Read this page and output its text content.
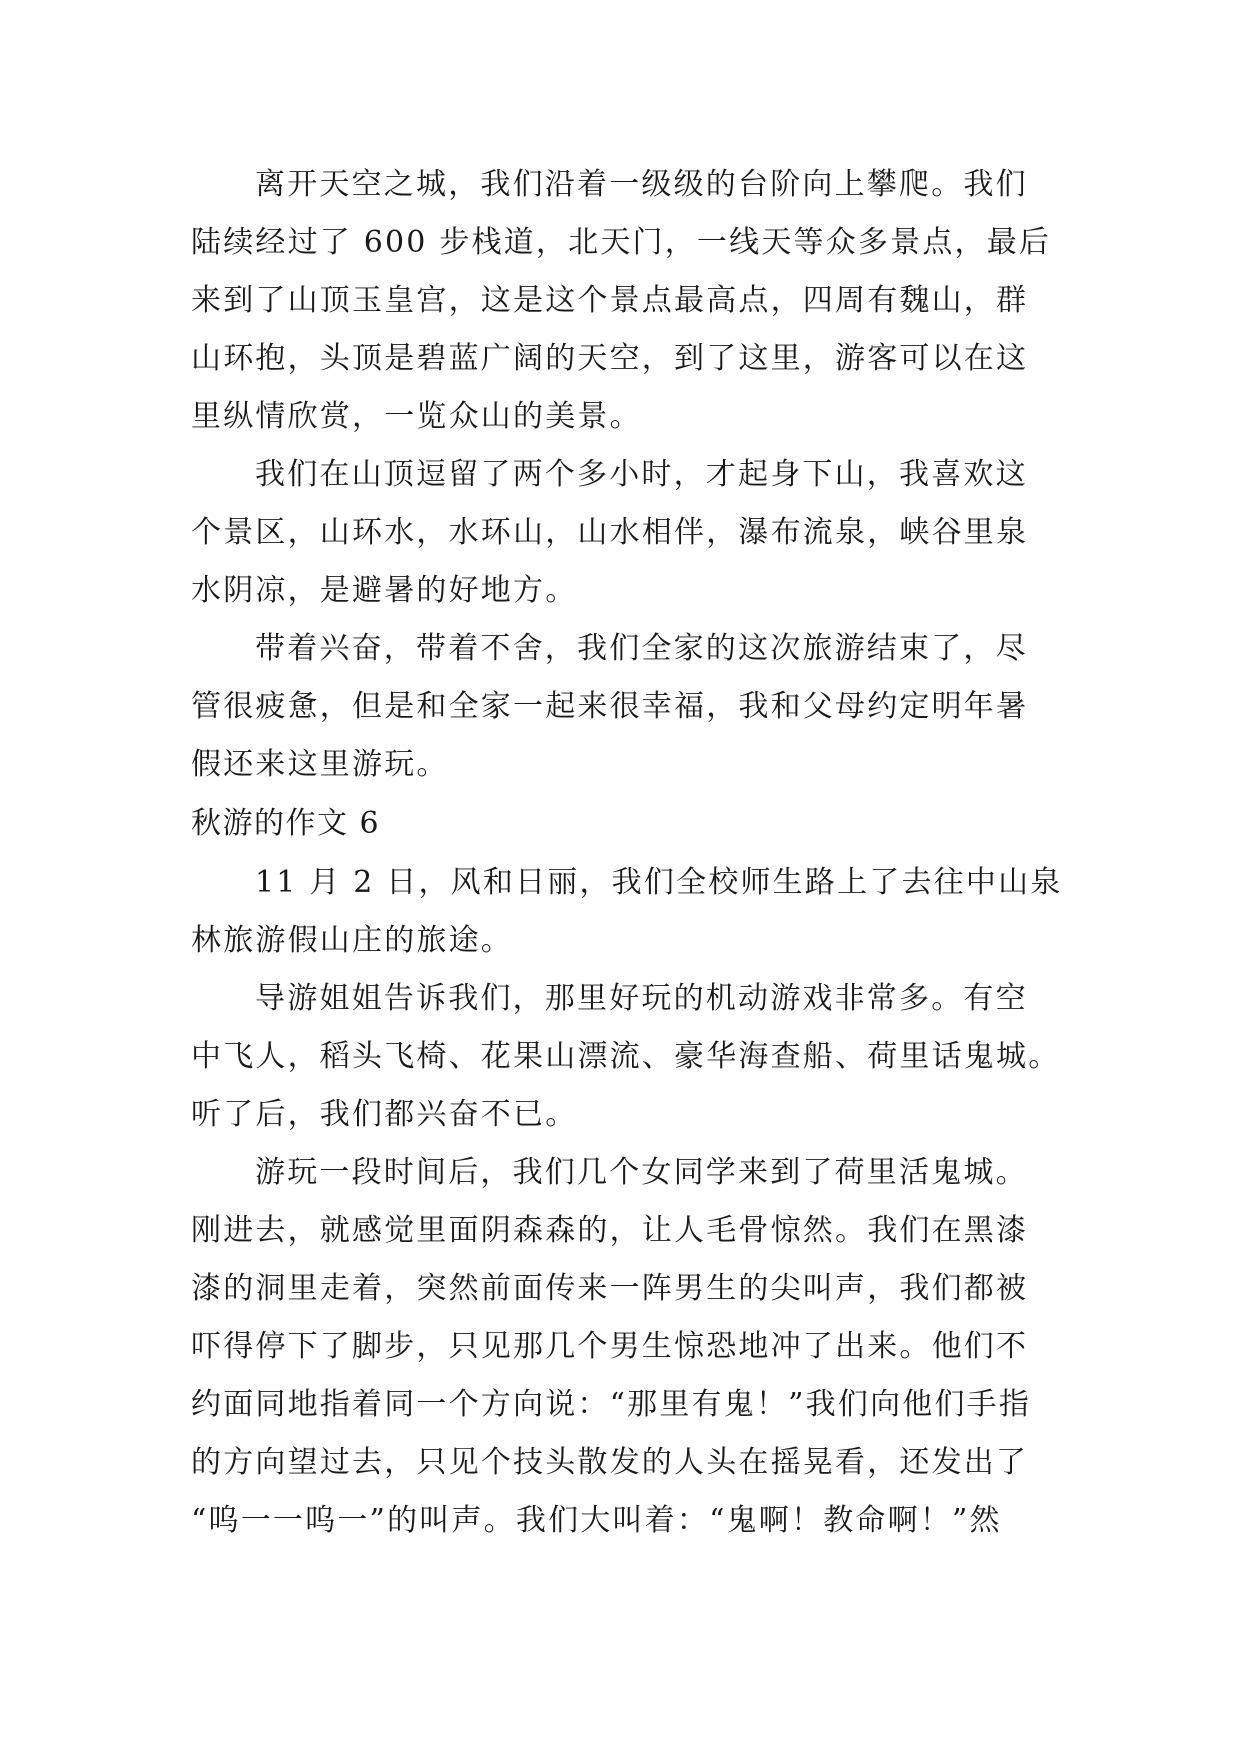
离开天空之城，我们沿着一级级的台阶向上攀爬。我们
陆续经过了 600 步栈道，北天门，一线天等众多景点，最后
来到了山顶玉皇宫，这是这个景点最高点，四周有魏山，群
山环抱，头顶是碧蓝广阔的天空，到了这里，游客可以在这
里纵情欣赏，一览众山的美景。
我们在山顶逗留了两个多小时，才起身下山，我喜欢这
个景区，山环水，水环山，山水相伴，瀑布流泉，峡谷里泉
水阴凉，是避暑的好地方。
带着兴奋，带着不舍，我们全家的这次旅游结束了，尽
管很疲惫，但是和全家一起来很幸福，我和父母约定明年暑
假还来这里游玩。
秋游的作文 6
11 月 2 日，风和日丽，我们全校师生路上了去往中山泉
林旅游假山庄的旅途。
导游姐姐告诉我们，那里好玩的机动游戏非常多。有空
中飞人，稻头飞椅、花果山漂流、豪华海查船、荷里话鬼城。
听了后，我们都兴奋不已。
游玩一段时间后，我们几个女同学来到了荷里活鬼城。
刚进去，就感觉里面阴森森的，让人毛骨惊然。我们在黑漆
漆的洞里走着，突然前面传来一阵男生的尖叫声，我们都被
吓得停下了脚步，只见那几个男生惊恐地冲了出来。他们不
约面同地指着同一个方向说：“那里有鬼！”我们向他们手指
的方向望过去，只见个技头散发的人头在摇晃看，还发出了
“呜一一呜一”的叫声。我们大叫着：“鬼啊！教命啊！”然
